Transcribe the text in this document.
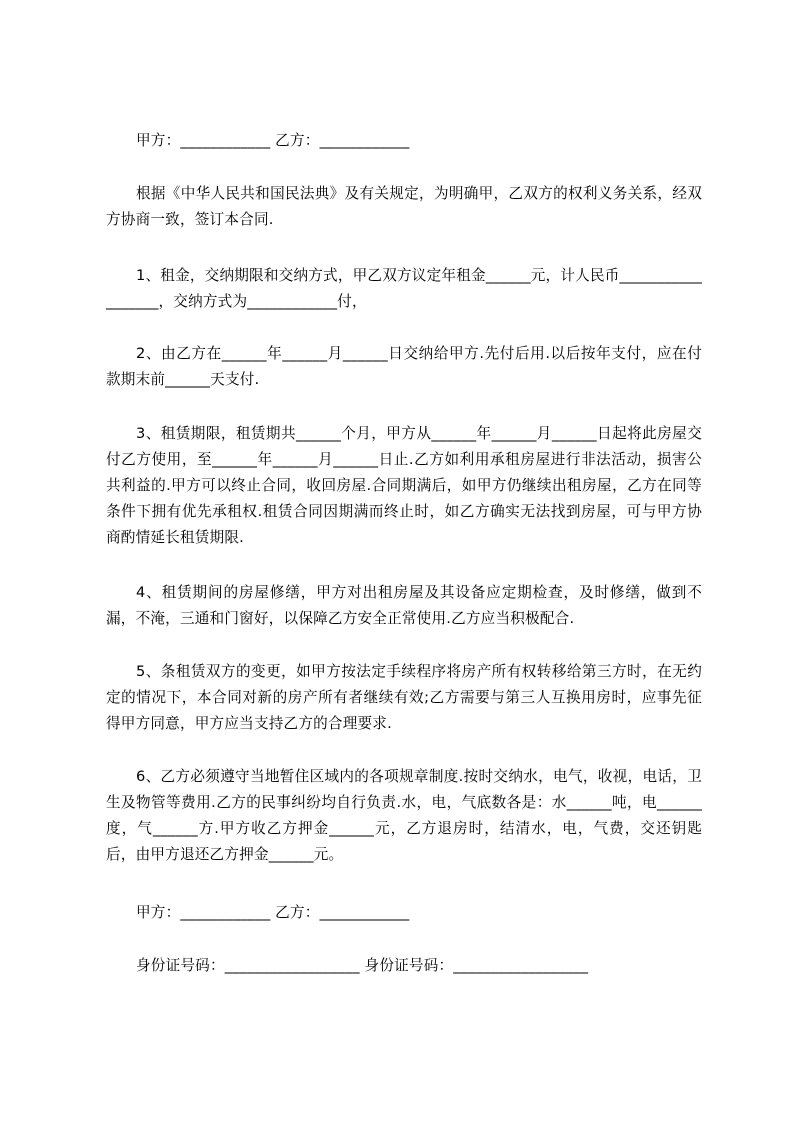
甲方：____________ 乙方：____________
根据《中华人民共和国民法典》及有关规定，为明确甲，乙双方的权利义务关系，经双方协商一致，签订本合同.
1、租金，交纳期限和交纳方式，甲乙双方议定年租金______元，计人民币__________________，交纳方式为____________付，
2、由乙方在______年______月______日交纳给甲方.先付后用.以后按年支付，应在付款期末前______天支付.
3、租赁期限，租赁期共______个月，甲方从______年______月______日起将此房屋交付乙方使用，至______年______月______日止.乙方如利用承租房屋进行非法活动，损害公共利益的.甲方可以终止合同，收回房屋.合同期满后，如甲方仍继续出租房屋，乙方在同等条件下拥有优先承租权.租赁合同因期满而终止时，如乙方确实无法找到房屋，可与甲方协商酌情延长租赁期限.
4、租赁期间的房屋修缮，甲方对出租房屋及其设备应定期检查，及时修缮，做到不漏，不淹，三通和门窗好，以保障乙方安全正常使用.乙方应当积极配合.
5、条租赁双方的变更，如甲方按法定手续程序将房产所有权转移给第三方时，在无约定的情况下，本合同对新的房产所有者继续有效;乙方需要与第三人互换用房时，应事先征得甲方同意，甲方应当支持乙方的合理要求.
6、乙方必须遵守当地暂住区域内的各项规章制度.按时交纳水，电气，收视，电话，卫生及物管等费用.乙方的民事纠纷均自行负责.水，电，气底数各是：水______吨，电______度，气______方.甲方收乙方押金______元，乙方退房时，结清水，电，气费，交还钥匙后，由甲方退还乙方押金______元。
甲方：____________ 乙方：____________
身份证号码：__________________ 身份证号码：__________________
